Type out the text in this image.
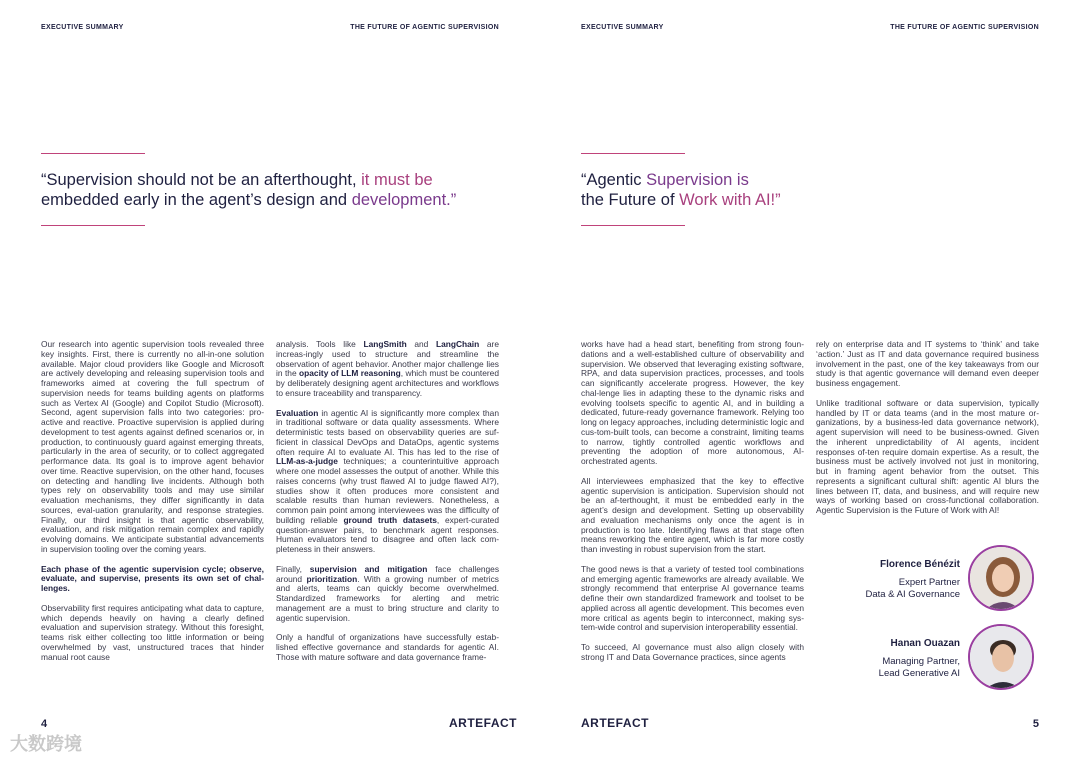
EXECUTIVE SUMMARY	THE FUTURE OF AGENTIC SUPERVISION
“Supervision should not be an afterthought, it must be
embedded early in the agent’s design and development.”

Our research into agentic supervision tools revealed three key insights. First, there is currently no all-in-one solution available. Major cloud providers like Google and Microsoft are actively developing and releasing supervision tools and frameworks aimed at covering the full spectrum of supervision needs for teams building agents on platforms such as Vertex AI (Google) and Copilot Studio (Microsoft). Second, agent supervision falls into two categories: pro-active and reactive. Proactive supervision is applied during development to test agents against defined scenarios or, in production, to continuously guard against emerging threats, particularly in the area of security, or to collect aggregated performance data. Its goal is to improve agent behavior over time. Reactive supervision, on the other hand, focuses on detecting and handling live incidents. Although both types rely on observability tools and may use similar evaluation mechanisms, they differ significantly in data sources, eval-uation granularity, and response strategies. Finally, our third insight is that agentic observability, evaluation, and risk mitigation remain complex and rapidly evolving domains. We anticipate substantial advancements in supervision tooling over the coming years.

Each phase of the agentic supervision cycle; observe, evaluate, and supervise, presents its own set of chal-lenges.

Observability first requires anticipating what data to capture, which depends heavily on having a clearly defined evaluation and supervision strategy. Without this foresight, teams risk either collecting too little information or being overwhelmed by vast, unstructured traces that hinder manual root cause

analysis. Tools like LangSmith and LangChain are increas-ingly used to structure and streamline the observation of agent behavior. Another major challenge lies in the opacity of LLM reasoning, which must be countered by deliberately designing agent architectures and workflows to ensure traceability and transparency.

Evaluation in agentic AI is significantly more complex than in traditional software or data quality assessments. Where deterministic tests based on observability queries are suf-ficient in classical DevOps and DataOps, agentic systems often require AI to evaluate AI. This has led to the rise of LLM-as-a-judge techniques; a counterintuitive approach where one model assesses the output of another. While this raises concerns (why trust flawed AI to judge flawed AI?), studies show it often produces more consistent and scalable results than human reviewers. Nonetheless, a common pain point among interviewees was the difficulty of building reliable ground truth datasets, expert-curated question-answer pairs, to benchmark agent responses. Human evaluators tend to disagree and often lack com-pleteness in their answers.

Finally, supervision and mitigation face challenges around prioritization. With a growing number of metrics and alerts, teams can quickly become overwhelmed. Standardized frameworks for alerting and metric management are a must to bring structure and clarity to agentic supervision.

Only a handful of organizations have successfully estab-lished effective governance and standards for agentic AI. Those with mature software and data governance frame-

4	ARTEFACT
EXECUTIVE SUMMARY	THE FUTURE OF AGENTIC SUPERVISION
“Agentic Supervision is
the Future of Work with AI!”

works have had a head start, benefiting from strong foun-dations and a well-established culture of observability and supervision. We observed that leveraging existing software, RPA, and data supervision practices, processes, and tools can significantly accelerate progress. However, the key chal-lenge lies in adapting these to the dynamic risks and evolving toolsets specific to agentic AI, and in building a dedicated, future-ready governance framework. Relying too long on legacy approaches, including deterministic logic and cus-tom-built tools, can become a constraint, limiting teams to narrow, tightly controlled agentic workflows and preventing the adoption of more autonomous, AI-orchestrated agents.

All interviewees emphasized that the key to effective agentic supervision is anticipation. Supervision should not be an af-terthought, it must be embedded early in the agent’s design and development. Setting up observability and evaluation mechanisms only once the agent is in production is too late. Identifying flaws at that stage often means reworking the entire agent, which is far more costly than investing in robust supervision from the start.

The good news is that a variety of tested tool combinations and emerging agentic frameworks are already available. We strongly recommend that enterprise AI governance teams define their own standardized framework and toolset to be applied across all agentic development. This becomes even more critical as agents begin to interconnect, making sys-tem-wide control and supervision interoperability essential.

To succeed, AI governance must also align closely with strong IT and Data Governance practices, since agents

rely on enterprise data and IT systems to ‘think’ and take ‘action.’ Just as IT and data governance required business involvement in the past, one of the key takeaways from our study is that agentic governance will demand even deeper business engagement.

Unlike traditional software or data supervision, typically handled by IT or data teams (and in the most mature or-ganizations, by a business-led data governance network), agent supervision will need to be business-owned. Given the inherent unpredictability of AI agents, incident responses of-ten require domain expertise. As a result, the business must be actively involved not just in monitoring, but in framing agent behavior from the outset. This represents a significant cultural shift: agentic AI blurs the lines between IT, data, and business, and will require new ways of working based on cross-functional collaboration. Agentic Supervision is the Future of Work with AI!

Florence Bénézit
Expert Partner
Data & AI Governance
Hanan Ouazan
Managing Partner,
Lead Generative AI
ARTEFACT	5
大数跨境
